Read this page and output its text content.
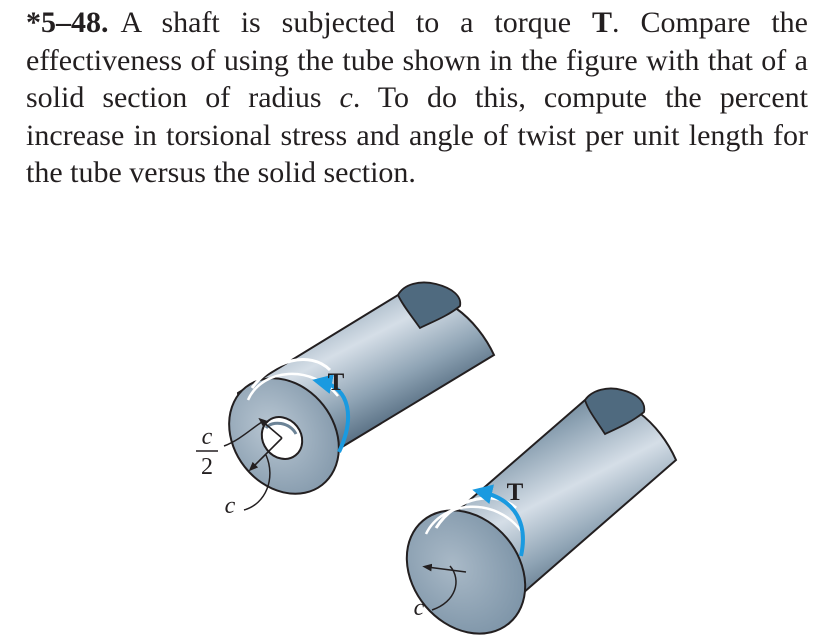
*5–48. A shaft is subjected to a torque T. Compare the effectiveness of using the tube shown in the figure with that of a solid section of radius c. To do this, compute the percent increase in torsional stress and angle of twist per unit length for the tube versus the solid section.

T
c
2
c	T
c
